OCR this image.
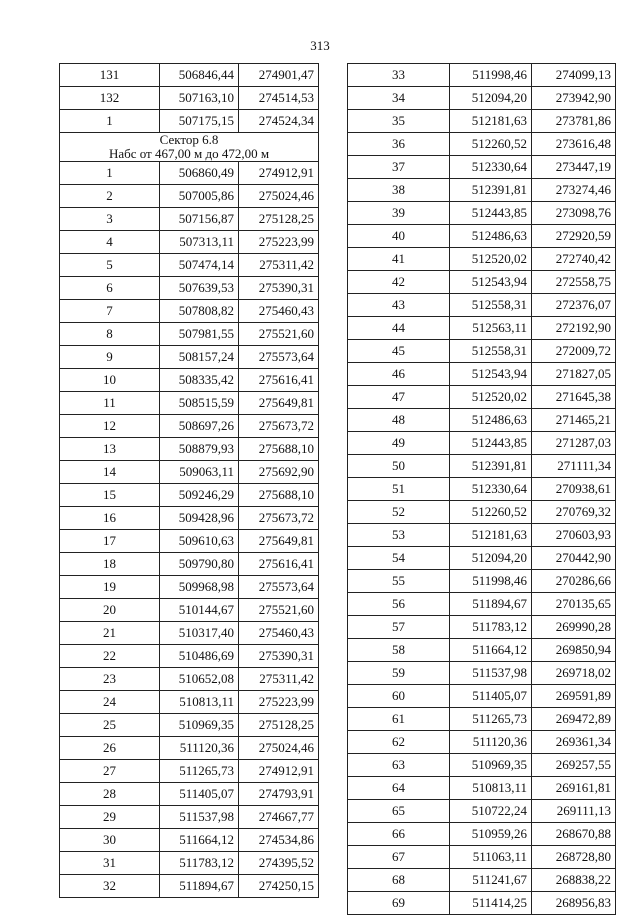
313
131	506846,44	274901,47
132	507163,10	274514,53
1	507175,15	274524,34

Сектор 6.8
Набс от 467,00 м до 472,00 м		

1	506860,49	274912,91
2	507005,86	275024,46
3	507156,87	275128,25
4	507313,11	275223,99
5	507474,14	275311,42
6	507639,53	275390,31
7	507808,82	275460,43
8	507981,55	275521,60
9	508157,24	275573,64
10	508335,42	275616,41
11	508515,59	275649,81
12	508697,26	275673,72
13	508879,93	275688,10
14	509063,11	275692,90
15	509246,29	275688,10
16	509428,96	275673,72
17	509610,63	275649,81
18	509790,80	275616,41
19	509968,98	275573,64
20	510144,67	275521,60
21	510317,40	275460,43
22	510486,69	275390,31
23	510652,08	275311,42
24	510813,11	275223,99
25	510969,35	275128,25
26	511120,36	275024,46
27	511265,73	274912,91
28	511405,07	274793,91
29	511537,98	274667,77
30	511664,12	274534,86
31	511783,12	274395,52
32	511894,67	274250,15
33	511998,46	274099,13
34	512094,20	273942,90
35	512181,63	273781,86
36	512260,52	273616,48
37	512330,64	273447,19
38	512391,81	273274,46
39	512443,85	273098,76
40	512486,63	272920,59
41	512520,02	272740,42
42	512543,94	272558,75
43	512558,31	272376,07
44	512563,11	272192,90
45	512558,31	272009,72
46	512543,94	271827,05
47	512520,02	271645,38
48	512486,63	271465,21
49	512443,85	271287,03
50	512391,81	271111,34
51	512330,64	270938,61
52	512260,52	270769,32
53	512181,63	270603,93
54	512094,20	270442,90
55	511998,46	270286,66
56	511894,67	270135,65
57	511783,12	269990,28
58	511664,12	269850,94
59	511537,98	269718,02
60	511405,07	269591,89
61	511265,73	269472,89
62	511120,36	269361,34
63	510969,35	269257,55
64	510813,11	269161,81
65	510722,24	269111,13
66	510959,26	268670,88
67	511063,11	268728,80
68	511241,67	268838,22
69	511414,25	268956,83
